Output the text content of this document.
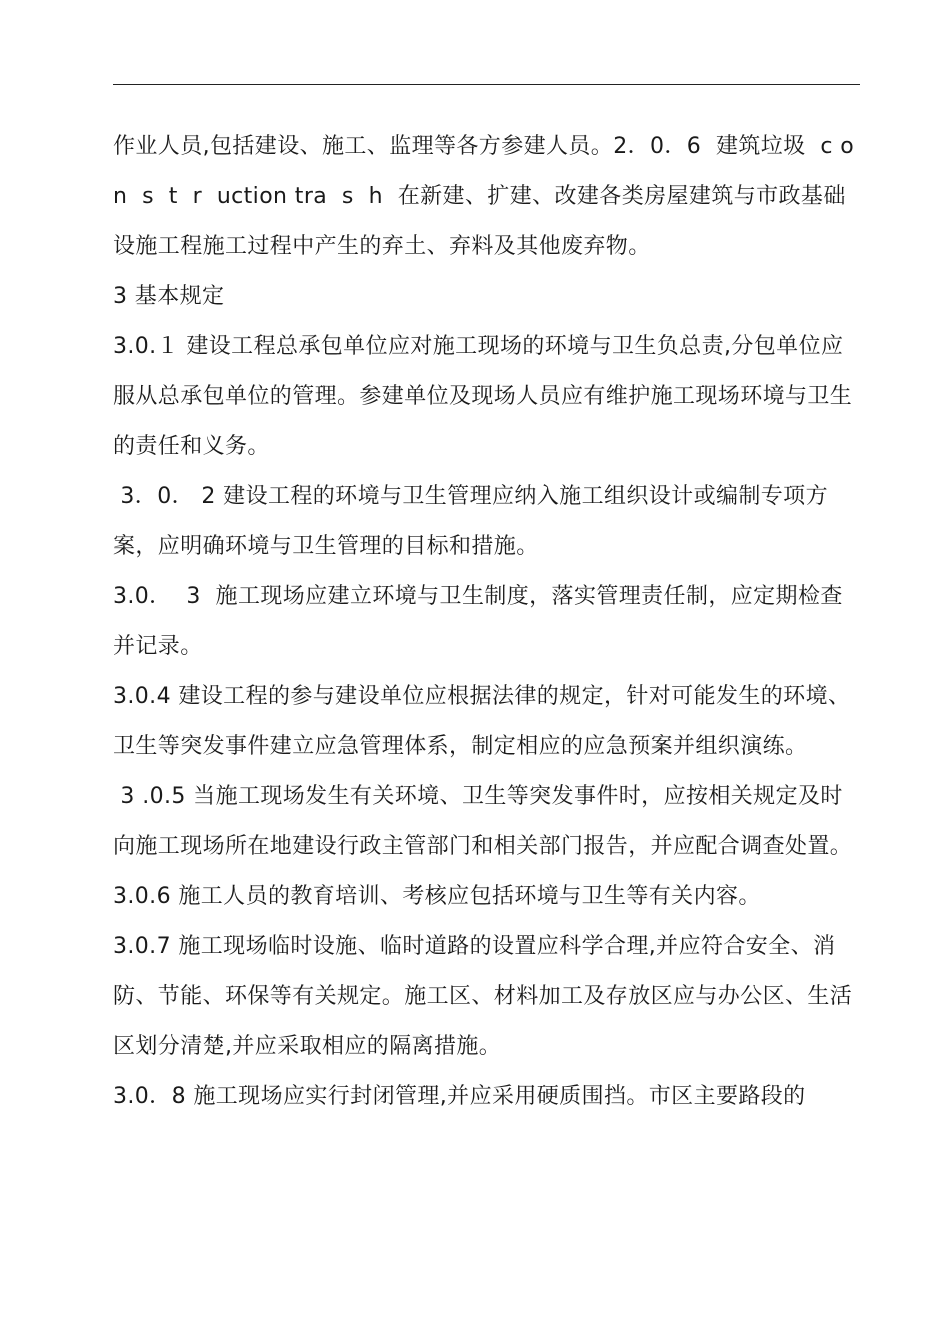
作业人员,包括建设、施工、监理等各方参建人员。2．0．6  建筑垃圾  c on  s  t  r  uction tra  s  h  在新建、扩建、改建各类房屋建筑与市政基础设施工程施工过程中产生的弃土、弃料及其他废弃物。

3 基本规定

3.0.１ 建设工程总承包单位应对施工现场的环境与卫生负总责,分包单位应服从总承包单位的管理。参建单位及现场人员应有维护施工现场环境与卫生的责任和义务。

3．0． 2 建设工程的环境与卫生管理应纳入施工组织设计或编制专项方案，应明确环境与卫生管理的目标和措施。

3.0．  3  施工现场应建立环境与卫生制度，落实管理责任制，应定期检查并记录。

3.0.4 建设工程的参与建设单位应根据法律的规定，针对可能发生的环境、卫生等突发事件建立应急管理体系，制定相应的应急预案并组织演练。

3 .0.5 当施工现场发生有关环境、卫生等突发事件时，应按相关规定及时向施工现场所在地建设行政主管部门和相关部门报告，并应配合调查处置。

3.0.6 施工人员的教育培训、考核应包括环境与卫生等有关内容。

3.0.7 施工现场临时设施、临时道路的设置应科学合理,并应符合安全、消防、节能、环保等有关规定。施工区、材料加工及存放区应与办公区、生活区划分清楚,并应采取相应的隔离措施。

3.0．8 施工现场应实行封闭管理,并应采用硬质围挡。市区主要路段的
